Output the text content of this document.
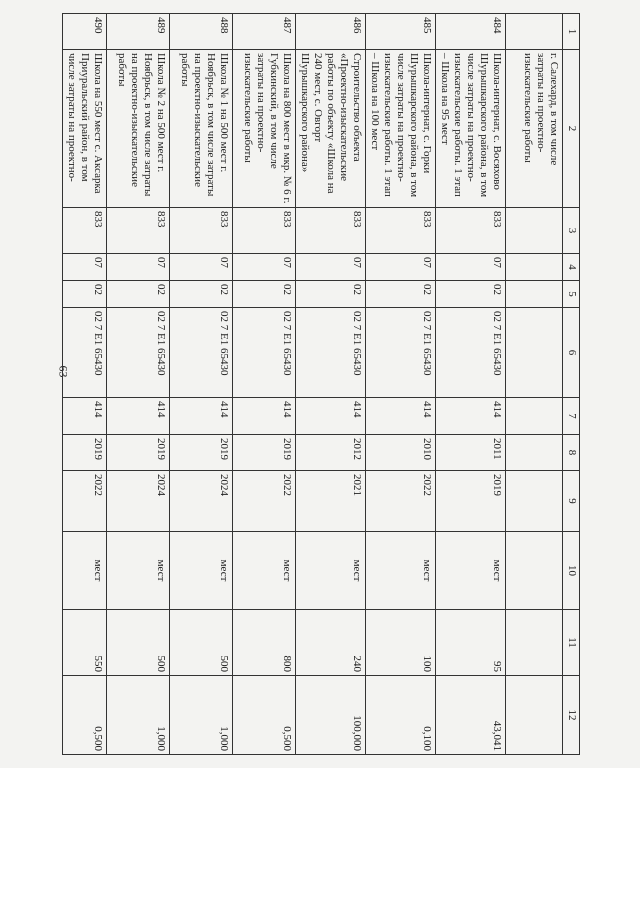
63
1	2	3	4	5	6	7	8	9	10	11	12
	г. Салехард, в том числе затраты на проектно-изыскательские работы										
484	Школа-интернат, с. Восяхово Шурышкарского района, в том числе затраты на проектно-изыскательские работы. 1 этап – Школа на 95 мест	833	07	02	02 7 E1 65430	414	2011	2019	мест	95	43,041
485	Школа-интернат, с. Горки Шурышкарского района, в том числе затраты на проектно-изыскательские работы. 1 этап – Школа на 100 мест	833	07	02	02 7 E1 65430	414	2010	2022	мест	100	0,100
486	Строительство объекта «Проектно-изыскательские работы по объекту «Школа на 240 мест, с. Овгорт Шурышкарского района»	833	07	02	02 7 E1 65430	414	2012	2021	мест	240	100,000
487	Школа на 800 мест в мкр. № 6 г. Губкинский, в том числе затраты на проектно-изыскательские работы	833	07	02	02 7 E1 65430	414	2019	2022	мест	800	0,500
488	Школа № 1 на 500 мест г. Ноябрьск, в том числе затраты на проектно-изыскательские работы	833	07	02	02 7 E1 65430	414	2019	2024	мест	500	1,000
489	Школа № 2 на 500 мест г. Ноябрьск, в том числе затраты на проектно-изыскательские работы	833	07	02	02 7 E1 65430	414	2019	2024	мест	500	1,000
490	Школа на 550 мест с. Аксарка Приуральский район, в том числе затраты на проектно-	833	07	02	02 7 E1 65430	414	2019	2022	мест	550	0,500
